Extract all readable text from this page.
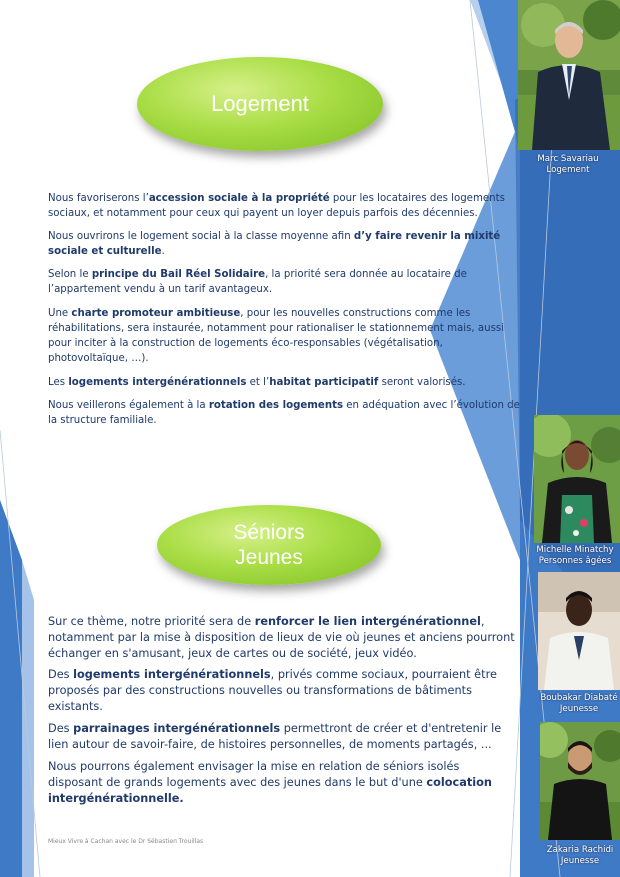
Logement

Nous favoriserons l’accession sociale à la propriété pour les locataires des logements sociaux, et notamment pour ceux qui payent un loyer depuis parfois des décennies.

Nous ouvrirons le logement social à la classe moyenne afin d’y faire revenir la mixité sociale et culturelle.

Selon le principe du Bail Réel Solidaire, la priorité sera donnée au locataire de l’appartement vendu à un tarif avantageux.

Une charte promoteur ambitieuse, pour les nouvelles constructions comme les réhabilitations, sera instaurée, notamment pour rationaliser le stationnement mais, aussi pour inciter à la construction de logements éco-responsables (végétalisation, photovoltaïque, …).

Les logements intergénérationnels et l’habitat participatif seront valorisés.

Nous veillerons également à la rotation des logements en adéquation avec l’évolution de la structure familiale.

Séniors
Jeunes

Sur ce thème, notre priorité sera de renforcer le lien intergénérationnel, notamment par la mise à disposition de lieux de vie où jeunes et anciens pourront échanger en s'amusant, jeux de cartes ou de société, jeux vidéo.

Des logements intergénérationnels, privés comme sociaux, pourraient être proposés par des constructions nouvelles ou transformations de bâtiments existants.

Des parrainages intergénérationnels permettront de créer et d'entretenir le lien autour de savoir-faire, de histoires personnelles, de moments partagés, ...

Nous pourrons également envisager la mise en relation de séniors isolés disposant de grands logements avec des jeunes dans le but d'une colocation intergénérationnelle.

Marc Savariau
Logement
Michelle Minatchy
Personnes âgées
Boubakar Diabaté
Jeunesse
Zakaria Rachidi
Jeunesse
Mieux Vivre à Cachan avec le Dr Sébastien Trouillas
